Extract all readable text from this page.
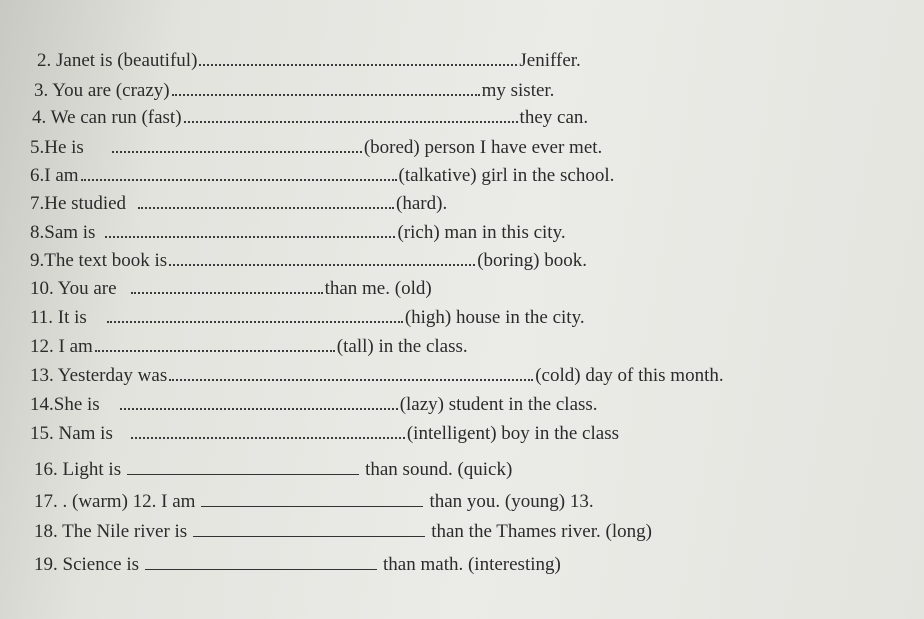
2. Janet is (beautiful)	Jeniffer.
3. You are (crazy)	my sister.
4. We can run (fast)	they can.
5.He is	(bored) person I have ever met.
6.I am	(talkative) girl in the school.
7.He studied	(hard).
8.Sam is	(rich) man in this city.
9.The text book is	(boring) book.
10. You are	than me. (old)
11. It is	(high) house in the city.
12. I am	(tall) in the class.
13. Yesterday was	(cold) day of this month.
14.She is	(lazy) student in the class.
15. Nam is	(intelligent) boy in the class
16. Light is	than sound. (quick)
17. . (warm) 12. I am	than you. (young) 13.
18. The Nile river is	than the Thames river. (long)
19. Science is	than math. (interesting)
